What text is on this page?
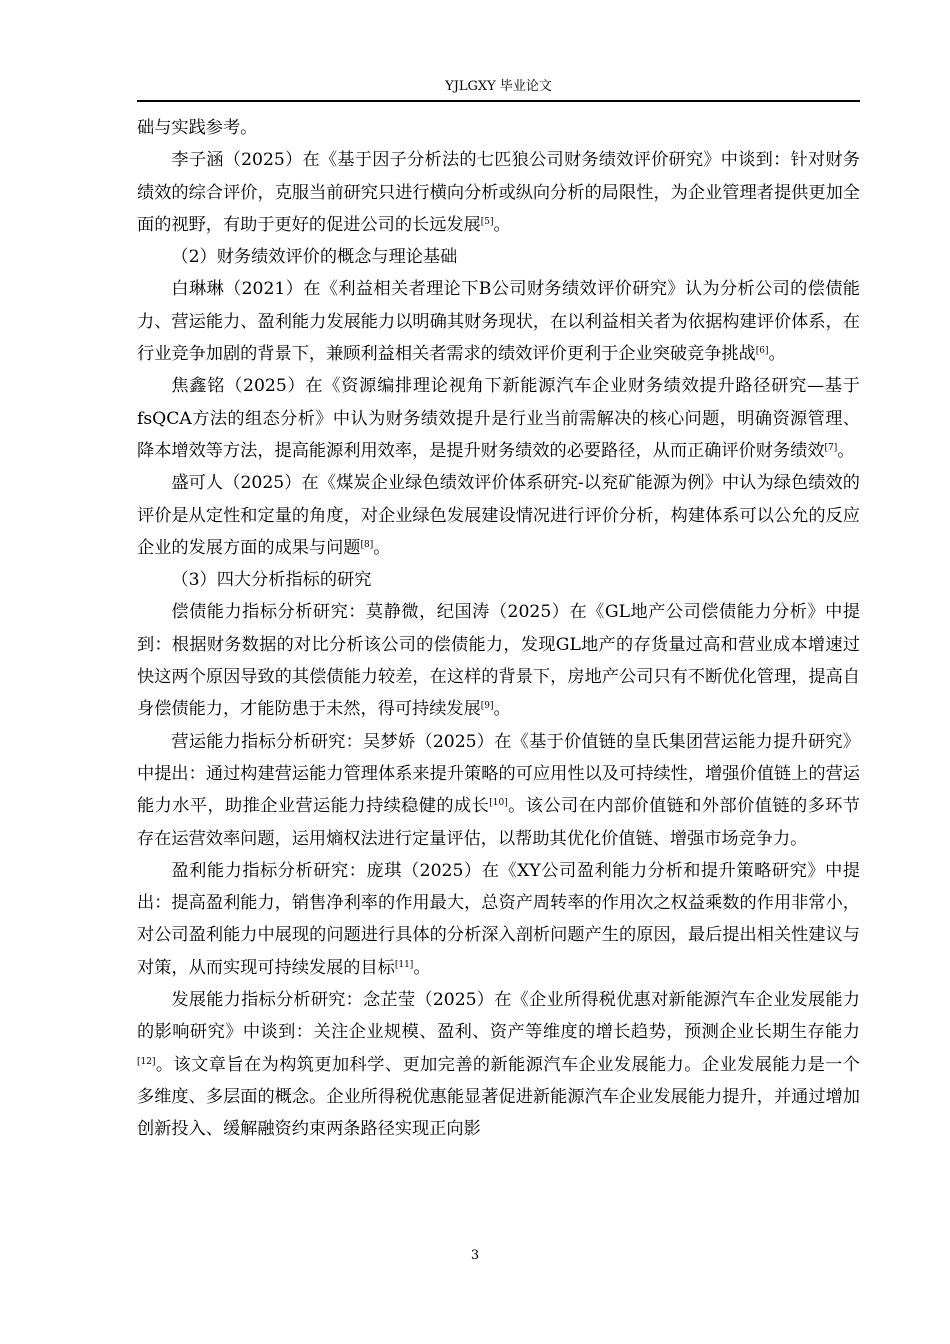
YJLGXY 毕业论文

础与实践参考。

李子涵（2025）在《基于因子分析法的七匹狼公司财务绩效评价研究》中谈到：针对财务绩效的综合评价，克服当前研究只进行横向分析或纵向分析的局限性，为企业管理者提供更加全面的视野，有助于更好的促进公司的长远发展[5]。

（2）财务绩效评价的概念与理论基础

白琳琳（2021）在《利益相关者理论下B公司财务绩效评价研究》认为分析公司的偿债能力、营运能力、盈利能力发展能力以明确其财务现状，在以利益相关者为依据构建评价体系，在行业竞争加剧的背景下，兼顾利益相关者需求的绩效评价更利于企业突破竞争挑战[6]。

焦鑫铭（2025）在《资源编排理论视角下新能源汽车企业财务绩效提升路径研究—基于fsQCA方法的组态分析》中认为财务绩效提升是行业当前需解决的核心问题，明确资源管理、降本增效等方法，提高能源利用效率，是提升财务绩效的必要路径，从而正确评价财务绩效[7]。

盛可人（2025）在《煤炭企业绿色绩效评价体系研究-以兖矿能源为例》中认为绿色绩效的评价是从定性和定量的角度，对企业绿色发展建设情况进行评价分析，构建体系可以公允的反应企业的发展方面的成果与问题[8]。

（3）四大分析指标的研究

偿债能力指标分析研究：莫静微，纪国涛（2025）在《GL地产公司偿债能力分析》中提到：根据财务数据的对比分析该公司的偿债能力，发现GL地产的存货量过高和营业成本增速过快这两个原因导致的其偿债能力较差，在这样的背景下，房地产公司只有不断优化管理，提高自身偿债能力，才能防患于未然，得可持续发展[9]。

营运能力指标分析研究：吴梦娇（2025）在《基于价值链的皇氏集团营运能力提升研究》中提出：通过构建营运能力管理体系来提升策略的可应用性以及可持续性，增强价值链上的营运能力水平，助推企业营运能力持续稳健的成长[10]。该公司在内部价值链和外部价值链的多环节存在运营效率问题，运用熵权法进行定量评估，以帮助其优化价值链、增强市场竞争力。

盈利能力指标分析研究：庞琪（2025）在《XY公司盈利能力分析和提升策略研究》中提出：提高盈利能力，销售净利率的作用最大，总资产周转率的作用次之权益乘数的作用非常小，对公司盈利能力中展现的问题进行具体的分析深入剖析问题产生的原因，最后提出相关性建议与对策，从而实现可持续发展的目标[11]。

发展能力指标分析研究：念芷莹（2025）在《企业所得税优惠对新能源汽车企业发展能力的影响研究》中谈到：关注企业规模、盈利、资产等维度的增长趋势，预测企业长期生存能力[12]。该文章旨在为构筑更加科学、更加完善的新能源汽车企业发展能力。企业发展能力是一个多维度、多层面的概念。企业所得税优惠能显著促进新能源汽车企业发展能力提升，并通过增加创新投入、缓解融资约束两条路径实现正向影

3
